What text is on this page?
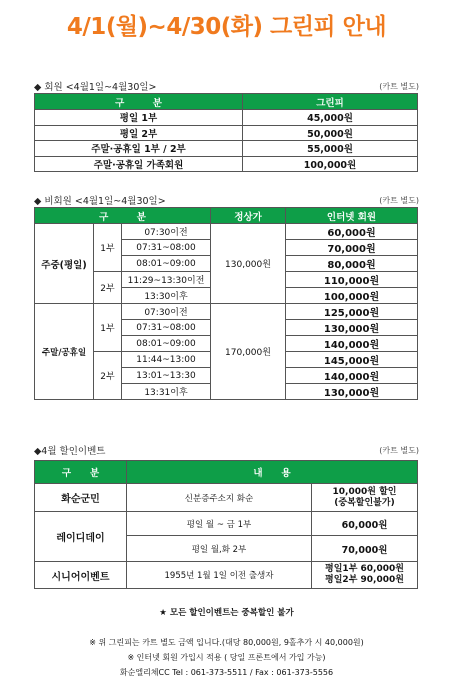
4/1(월)~4/30(화) 그린피 안내
◆ 회원 <4월1일~4월30일>	(카트 별도)
구　　　분	그린피
평일 1부	45,000원
평일 2부	50,000원
주말·공휴일 1부 / 2부	55,000원
주말·공휴일 가족회원	100,000원
◆ 비회원 <4월1일~4월30일>	(카트 별도)
구　　　분			정상가	인터넷 회원
주중(평일)	1부	07:30이전	130,000원	60,000원
		07:31~08:00		70,000원
		08:01~09:00		80,000원
	2부	11:29~13:30이전		110,000원
		13:30이후		100,000원
주말/공휴일	1부	07:30이전	170,000원	125,000원
		07:31~08:00		130,000원
		08:01~09:00		140,000원
	2부	11:44~13:00		145,000원
		13:01~13:30		140,000원
		13:31이후		130,000원
◆4월 할인이벤트	(카트 별도)
구　　분	내　　용	
화순군민	신분증주소지 화순	10,000원 할인
(중복할인불가)
레이디데이	평일 월 ~ 금 1부	60,000원
	평일 월,화 2부	70,000원
시니어이벤트	1955년 1월 1일 이전 출생자	평일1부 60,000원
평일2부 90,000원
★ 모든 할인이벤트는 중복할인 불가
※ 위 그린피는 카트 별도 금액 입니다.(대당 80,000원, 9홀추가 시 40,000원)
※ 인터넷 회원 가입시 적용 ( 당일 프론트에서 가입 가능)
화순엘리체CC Tel : 061-373-5511 / Fax : 061-373-5556
